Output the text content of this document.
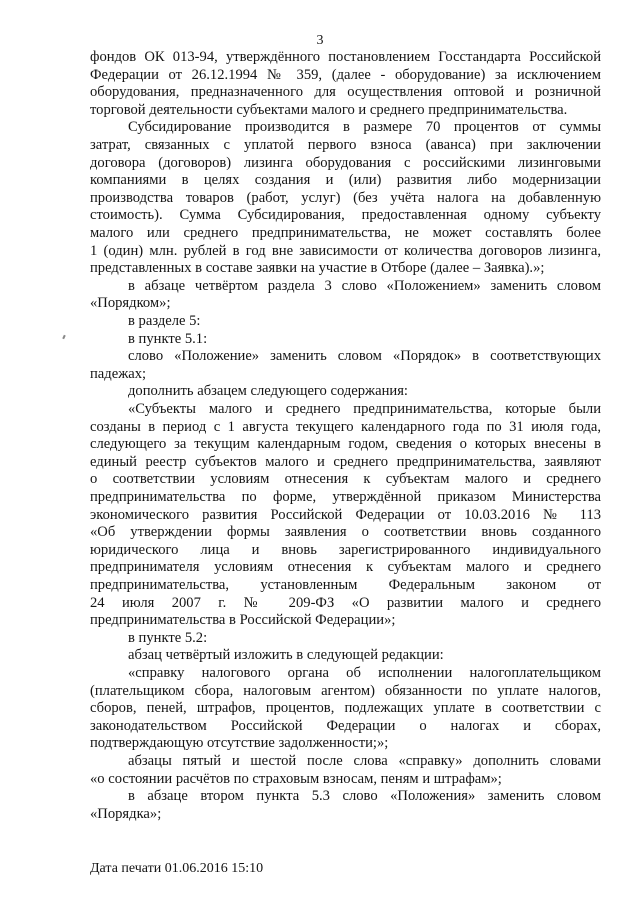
3
фондов ОК 013-94, утверждённого постановлением Госстандарта Российской
Федерации от 26.12.1994 № 359, (далее - оборудование) за исключением
оборудования, предназначенного для осуществления оптовой и розничной
торговой деятельности субъектами малого и среднего предпринимательства.
Субсидирование производится в размере 70 процентов от суммы
затрат, связанных с уплатой первого взноса (аванса) при заключении
договора (договоров) лизинга оборудования с российскими лизинговыми
компаниями в целях создания и (или) развития либо модернизации
производства товаров (работ, услуг) (без учёта налога на добавленную
стоимость). Сумма Субсидирования, предоставленная одному субъекту
малого или среднего предпринимательства, не может составлять более
1 (один) млн. рублей в год вне зависимости от количества договоров лизинга,
представленных в составе заявки на участие в Отборе (далее – Заявка).»;
в абзаце четвёртом раздела 3 слово «Положением» заменить словом
«Порядком»;
в разделе 5:
в пункте 5.1:
слово «Положение» заменить словом «Порядок» в соответствующих
падежах;
дополнить абзацем следующего содержания:
«Субъекты малого и среднего предпринимательства, которые были
созданы в период с 1 августа текущего календарного года по 31 июля года,
следующего за текущим календарным годом, сведения о которых внесены в
единый реестр субъектов малого и среднего предпринимательства, заявляют
о соответствии условиям отнесения к субъектам малого и среднего
предпринимательства по форме, утверждённой приказом Министерства
экономического развития Российской Федерации от 10.03.2016 № 113
«Об утверждении формы заявления о соответствии вновь созданного
юридического лица и вновь зарегистрированного индивидуального
предпринимателя условиям отнесения к субъектам малого и среднего
предпринимательства, установленным Федеральным законом от
24 июля 2007 г. № 209-ФЗ «О развитии малого и среднего
предпринимательства в Российской Федерации»;
в пункте 5.2:
абзац четвёртый изложить в следующей редакции:
«справку налогового органа об исполнении налогоплательщиком
(плательщиком сбора, налоговым агентом) обязанности по уплате налогов,
сборов, пеней, штрафов, процентов, подлежащих уплате в соответствии с
законодательством Российской Федерации о налогах и сборах,
подтверждающую отсутствие задолженности;»;
абзацы пятый и шестой после слова «справку» дополнить словами
«о состоянии расчётов по страховым взносам, пеням и штрафам»;
в абзаце втором пункта 5.3 слово «Положения» заменить словом
«Порядка»;
Дата печати 01.06.2016 15:10
